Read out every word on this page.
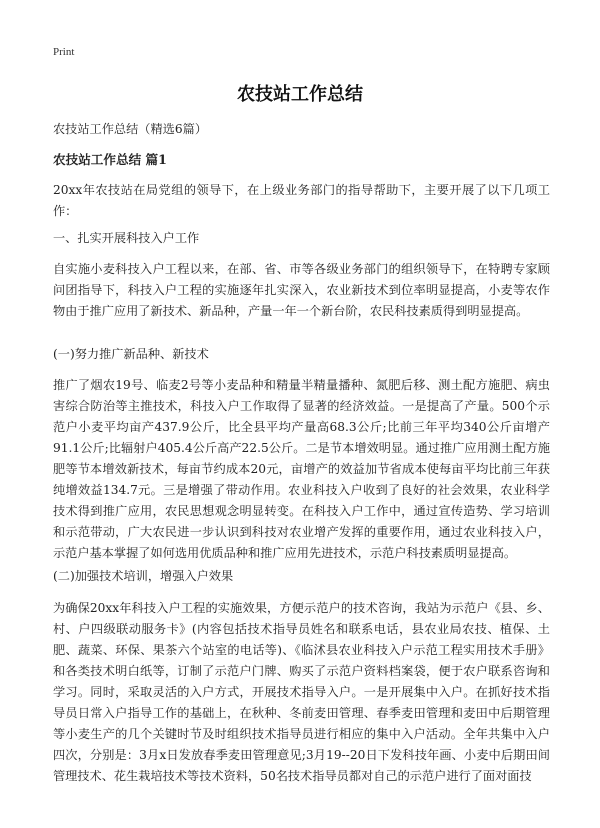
Print
农技站工作总结
农技站工作总结（精选6篇）
农技站工作总结 篇1
20xx年农技站在局党组的领导下，在上级业务部门的指导帮助下，主要开展了以下几项工作：
一、扎实开展科技入户工作
自实施小麦科技入户工程以来，在部、省、市等各级业务部门的组织领导下，在特聘专家顾问团指导下，科技入户工程的实施逐年扎实深入，农业新技术到位率明显提高，小麦等农作物由于推广应用了新技术、新品种，产量一年一个新台阶，农民科技素质得到明显提高。
(一)努力推广新品种、新技术
推广了烟农19号、临麦2号等小麦品种和精量半精量播种、氮肥后移、测土配方施肥、病虫害综合防治等主推技术，科技入户工作取得了显著的经济效益。一是提高了产量。500个示范户小麦平均亩产437.9公斤，比全县平均产量高68.3公斤;比前三年平均340公斤亩增产91.1公斤;比辐射户405.4公斤高产22.5公斤。二是节本增效明显。通过推广应用测土配方施肥等节本增效新技术，每亩节约成本20元，亩增产的效益加节省成本使每亩平均比前三年获纯增效益134.7元。三是增强了带动作用。农业科技入户收到了良好的社会效果，农业科学技术得到推广应用，农民思想观念明显转变。在科技入户工作中，通过宣传造势、学习培训和示范带动，广大农民进一步认识到科技对农业增产发挥的重要作用，通过农业科技入户，示范户基本掌握了如何选用优质品种和推广应用先进技术，示范户科技素质明显提高。
(二)加强技术培训，增强入户效果
为确保20xx年科技入户工程的实施效果，方便示范户的技术咨询，我站为示范户《县、乡、村、户四级联动服务卡》(内容包括技术指导员姓名和联系电话，县农业局农技、植保、土肥、蔬菜、环保、果茶六个站室的电话等)、《临沭县农业科技入户示范工程实用技术手册》和各类技术明白纸等，订制了示范户门牌、购买了示范户资料档案袋，便于农户联系咨询和学习。同时，采取灵活的入户方式，开展技术指导入户。一是开展集中入户。在抓好技术指导员日常入户指导工作的基础上，在秋种、冬前麦田管理、春季麦田管理和麦田中后期管理等小麦生产的几个关键时节及时组织技术指导员进行相应的集中入户活动。全年共集中入户四次，分别是：3月x日发放春季麦田管理意见;3月19--20日下发科技年画、小麦中后期田间管理技术、花生栽培技术等技术资料，50名技术指导员都对自己的示范户进行了面对面技
